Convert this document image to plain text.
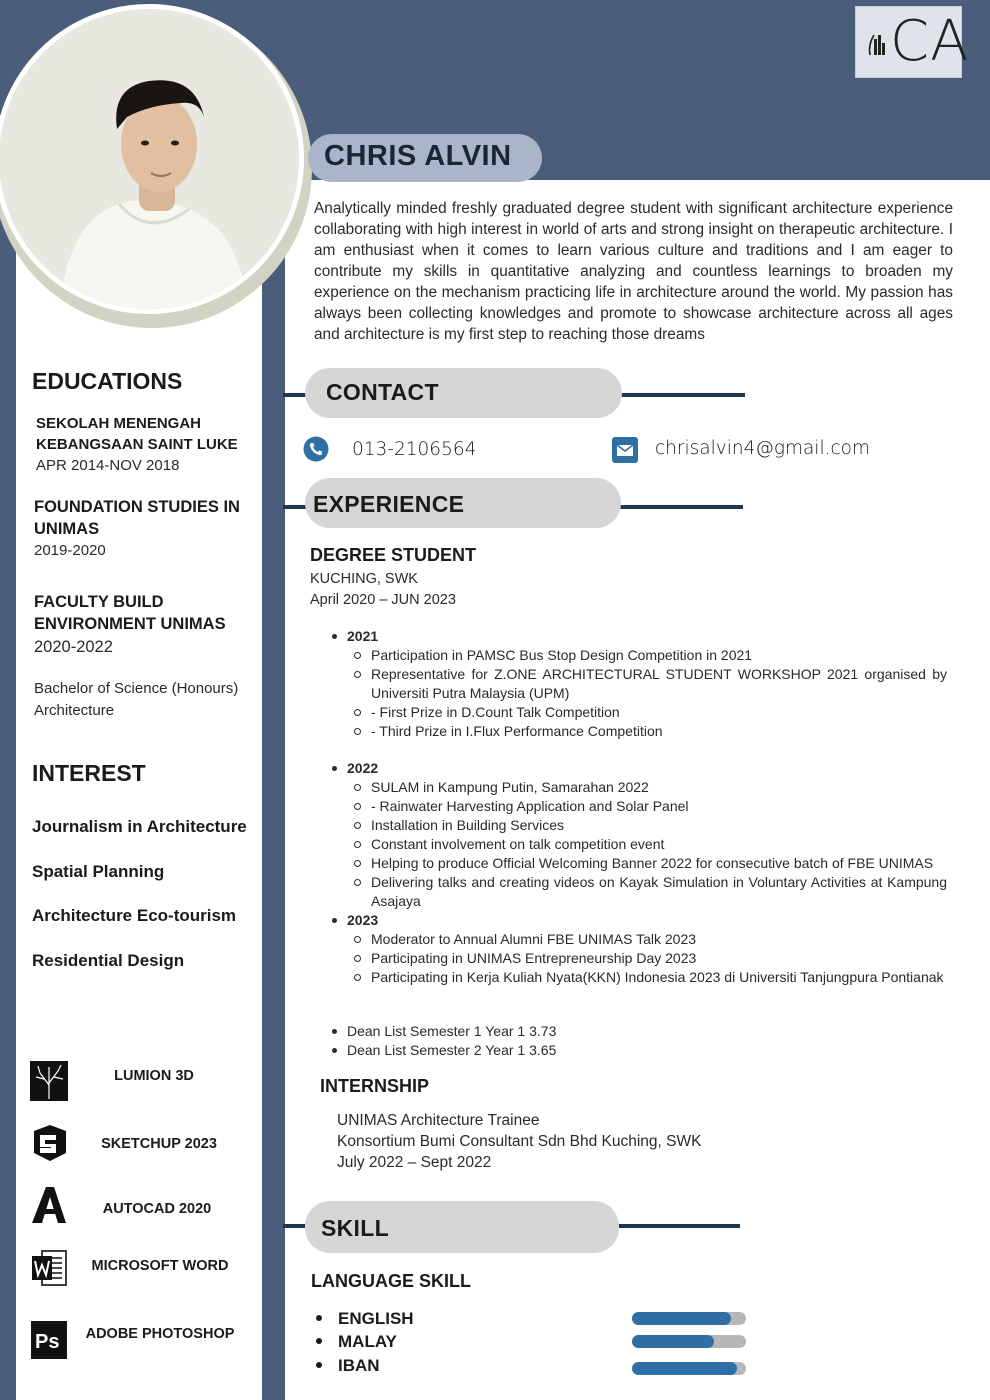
CA
CHRIS ALVIN

Analytically minded freshly graduated degree student with significant architecture experience collaborating with high interest in world of arts and strong insight on therapeutic architecture. I am enthusiast when it comes to learn various culture and traditions and I am eager to contribute my skills in quantitative analyzing and countless learnings to broaden my experience on the mechanism practicing life in architecture around the world. My passion has always been collecting knowledges and promote to showcase architecture across all ages and architecture is my first step to reaching those dreams

CONTACT
013-2106564	chrisalvin4@gmail.com
EXPERIENCE
DEGREE STUDENT
KUCHING, SWK
April 2020 – JUN 2023
2021
Participation in PAMSC Bus Stop Design Competition in 2021
Representative for Z.ONE ARCHITECTURAL STUDENT WORKSHOP 2021 organised by Universiti Putra Malaysia (UPM)
- First Prize in D.Count Talk Competition
- Third Prize in I.Flux Performance Competition
2022
SULAM in Kampung Putin, Samarahan 2022
- Rainwater Harvesting Application and Solar Panel
Installation in Building Services
Constant involvement on talk competition event
Helping to produce Official Welcoming Banner 2022 for consecutive batch of FBE UNIMAS
Delivering talks and creating videos on Kayak Simulation in Voluntary Activities at Kampung Asajaya
2023
Moderator to Annual Alumni FBE UNIMAS Talk 2023
Participating in UNIMAS Entrepreneurship Day 2023
Participating in Kerja Kuliah Nyata(KKN) Indonesia 2023 di Universiti Tanjungpura Pontianak
Dean List Semester 1 Year 1 3.73
Dean List Semester 2 Year 1 3.65
INTERNSHIP
UNIMAS Architecture Trainee
Konsortium Bumi Consultant Sdn Bhd Kuching, SWK
July 2022 – Sept 2022
SKILL
LANGUAGE SKILL
ENGLISH
MALAY
IBAN
EDUCATIONS
SEKOLAH MENENGAH KEBANGSAAN SAINT LUKE
APR 2014-NOV 2018
FOUNDATION STUDIES IN UNIMAS
2019-2020
FACULTY BUILD ENVIRONMENT UNIMAS
2020-2022
Bachelor of Science (Honours) Architecture
INTEREST
Journalism in Architecture
Spatial Planning
Architecture Eco-tourism
Residential Design
LUMION 3D
SKETCHUP 2023
AUTOCAD 2020
MICROSOFT WORD
Ps	ADOBE PHOTOSHOP
